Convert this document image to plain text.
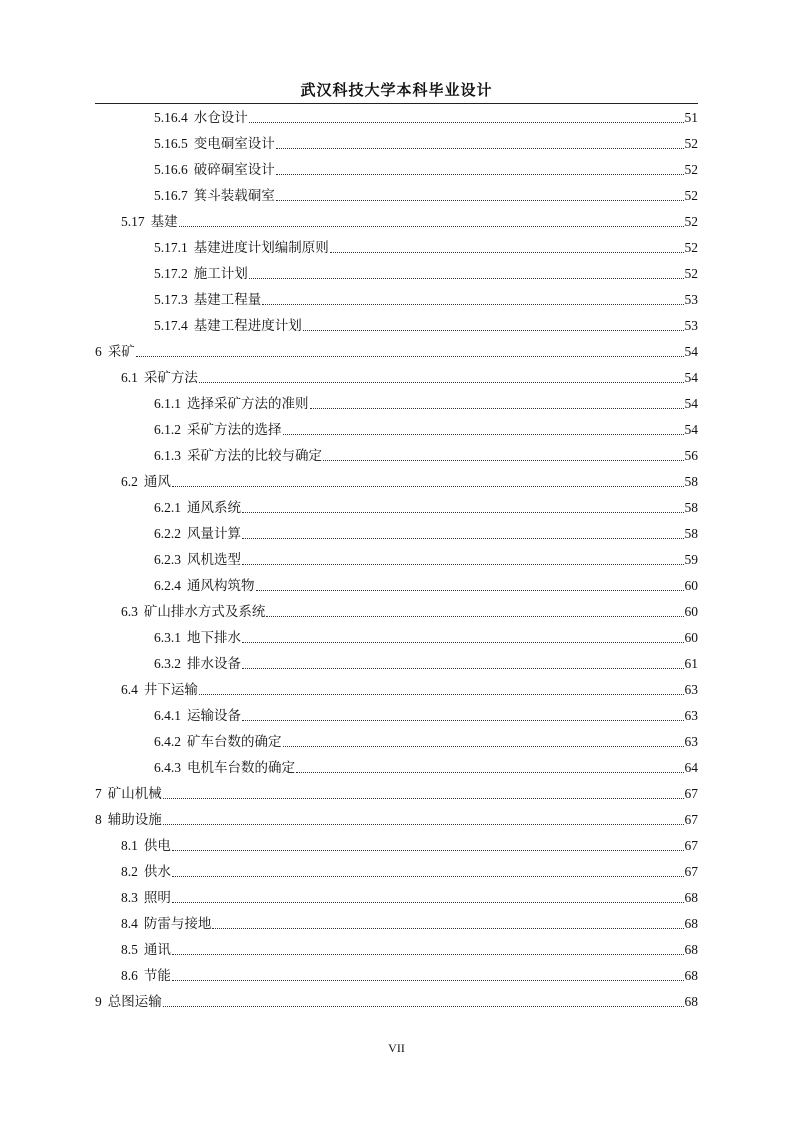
武汉科技大学本科毕业设计
5.16.4 水仓设计	51
5.16.5 变电硐室设计	52
5.16.6 破碎硐室设计	52
5.16.7 箕斗装载硐室	52
5.17 基建	52
5.17.1 基建进度计划编制原则	52
5.17.2 施工计划	52
5.17.3 基建工程量	53
5.17.4 基建工程进度计划	53
6 采矿	54
6.1 采矿方法	54
6.1.1 选择采矿方法的准则	54
6.1.2 采矿方法的选择	54
6.1.3 采矿方法的比较与确定	56
6.2 通风	58
6.2.1 通风系统	58
6.2.2 风量计算	58
6.2.3 风机选型	59
6.2.4 通风构筑物	60
6.3 矿山排水方式及系统	60
6.3.1 地下排水	60
6.3.2 排水设备	61
6.4 井下运输	63
6.4.1 运输设备	63
6.4.2 矿车台数的确定	63
6.4.3 电机车台数的确定	64
7 矿山机械	67
8 辅助设施	67
8.1 供电	67
8.2 供水	67
8.3 照明	68
8.4 防雷与接地	68
8.5 通讯	68
8.6 节能	68
9 总图运输	68
VII
